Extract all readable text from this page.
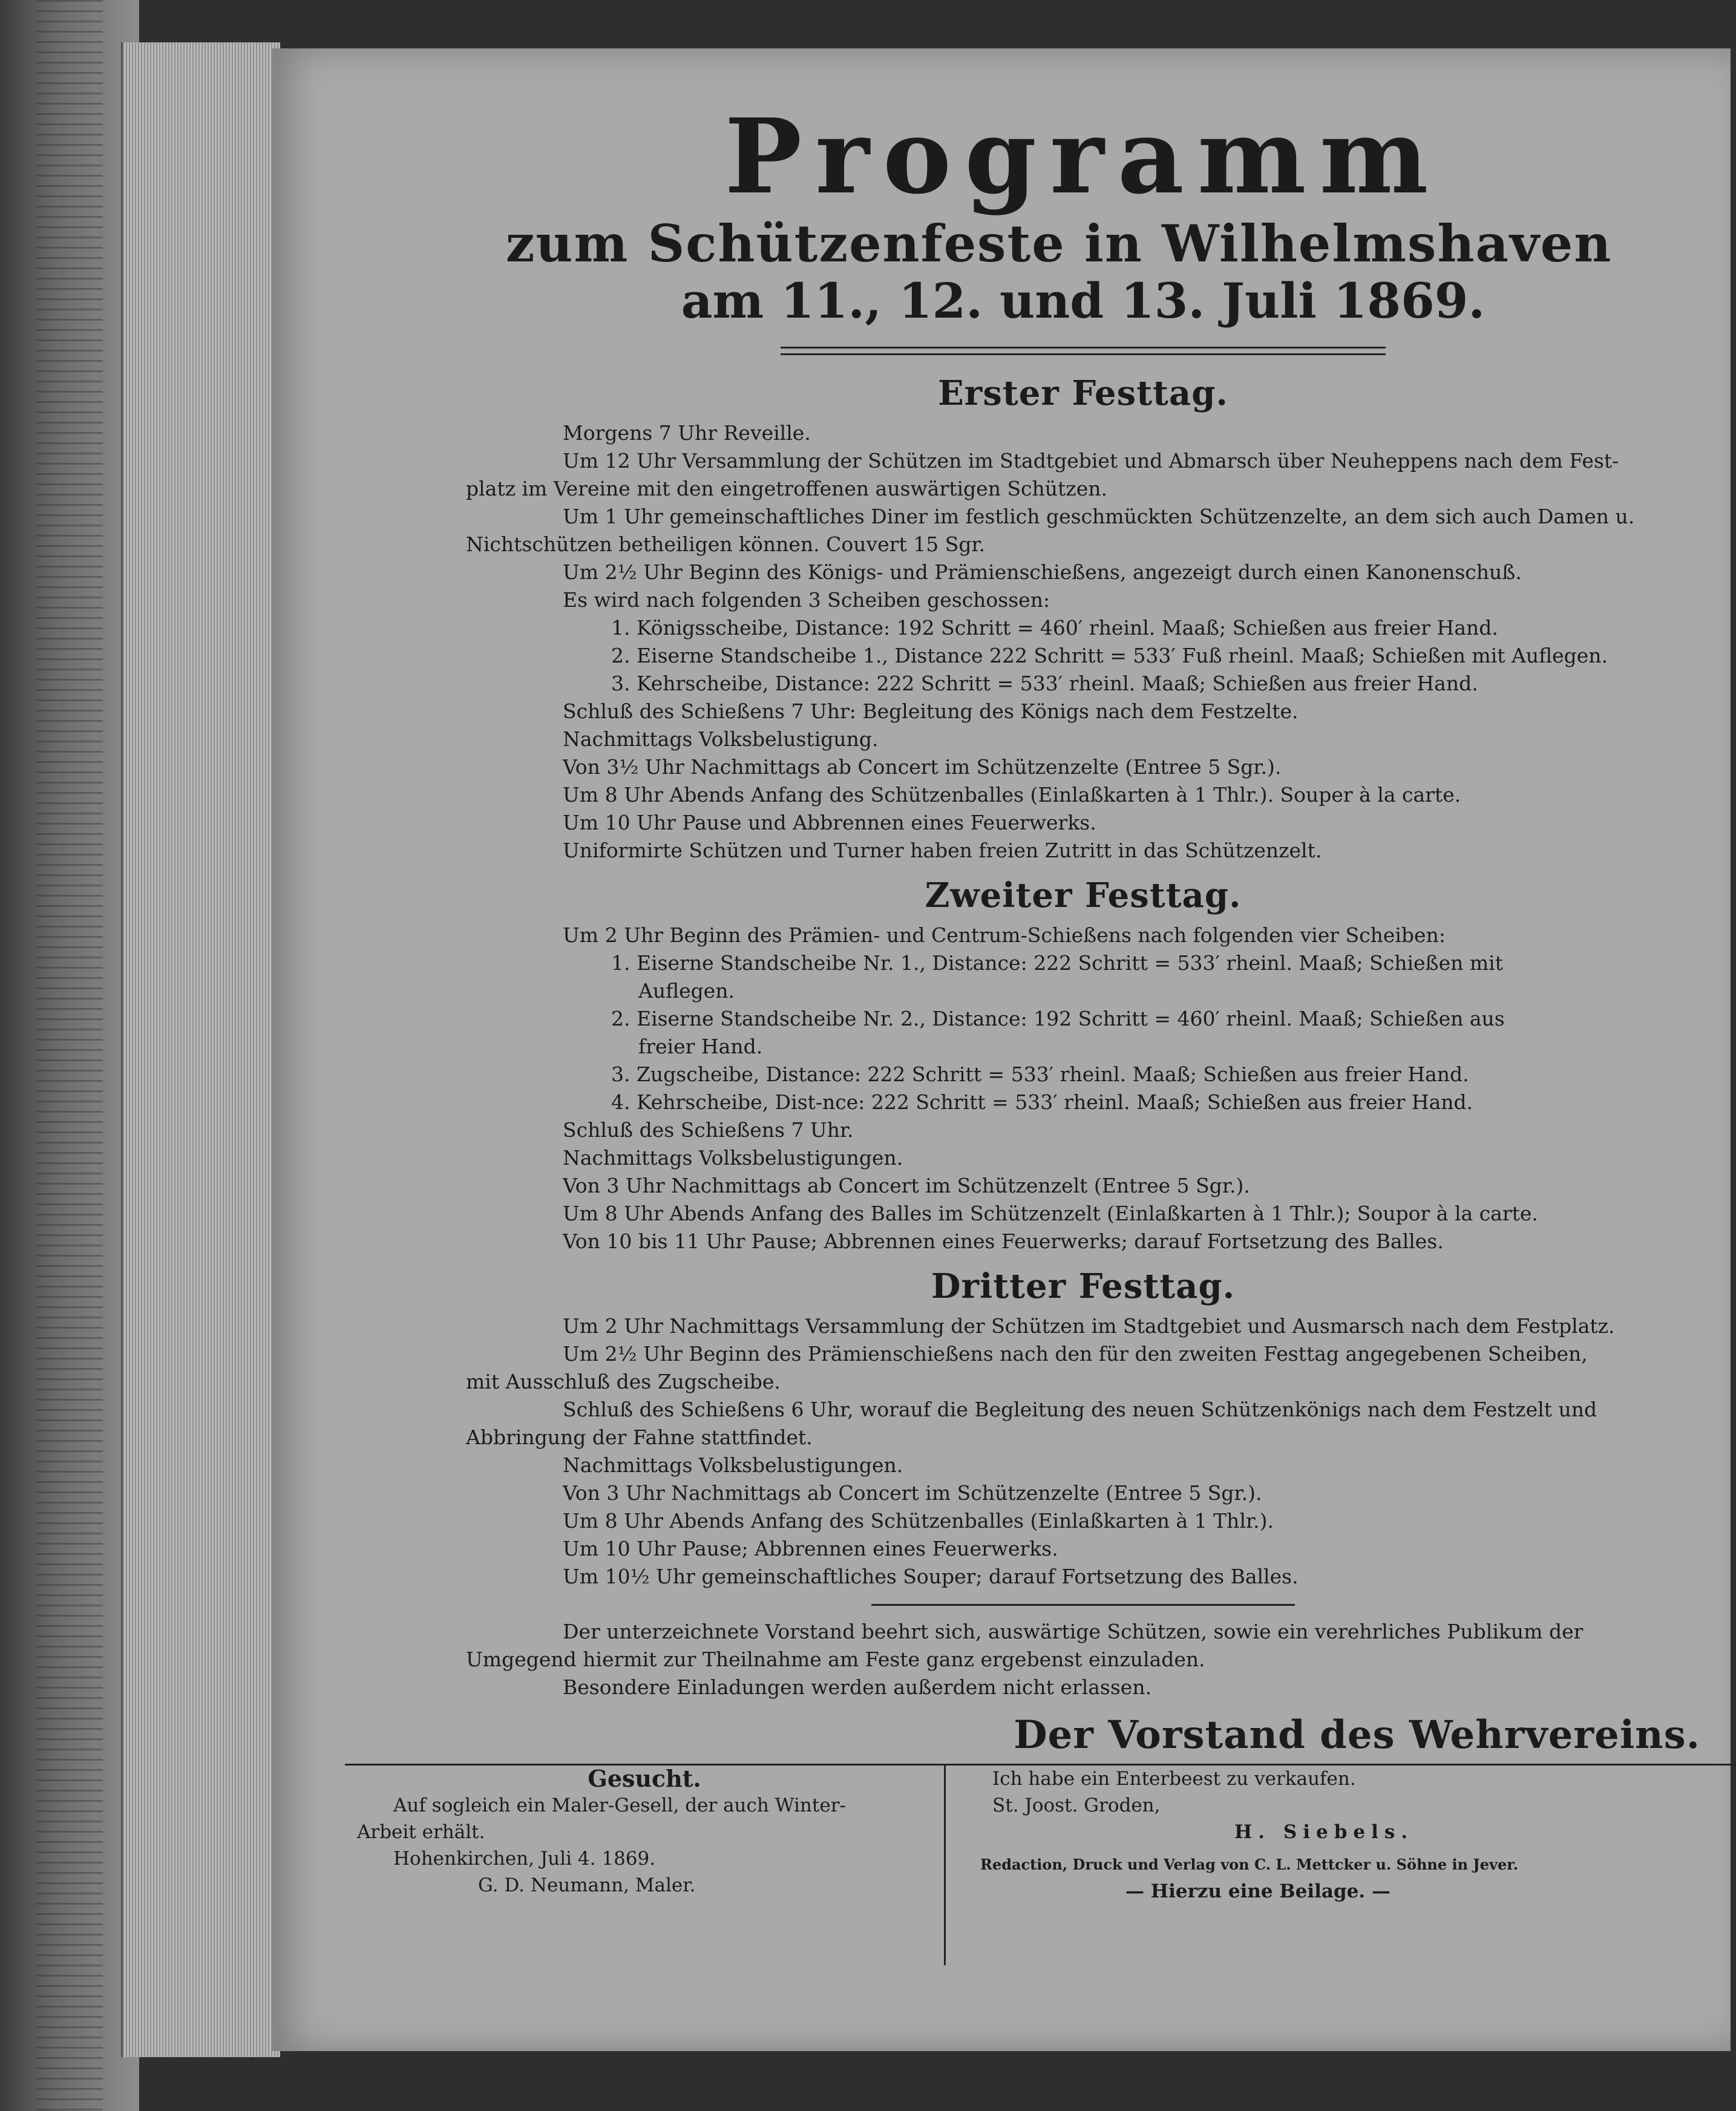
Programm
zum Schützenfeste in Wilhelmshaven
am 11., 12. und 13. Juli 1869.
Erster Festtag.
Morgens 7 Uhr Reveille.
Um 12 Uhr Versammlung der Schützen im Stadtgebiet und Abmarsch über Neuheppens nach dem Fest-
platz im Vereine mit den eingetroffenen auswärtigen Schützen.
Um 1 Uhr gemeinschaftliches Diner im festlich geschmückten Schützenzelte, an dem sich auch Damen u.
Nichtschützen betheiligen können. Couvert 15 Sgr.
Um 2½ Uhr Beginn des Königs- und Prämienschießens, angezeigt durch einen Kanonenschuß.
Es wird nach folgenden 3 Scheiben geschossen:
1. Königsscheibe, Distance: 192 Schritt = 460′ rheinl. Maaß; Schießen aus freier Hand.
2. Eiserne Standscheibe 1., Distance 222 Schritt = 533′ Fuß rheinl. Maaß; Schießen mit Auflegen.
3. Kehrscheibe, Distance: 222 Schritt = 533′ rheinl. Maaß; Schießen aus freier Hand.
Schluß des Schießens 7 Uhr: Begleitung des Königs nach dem Festzelte.
Nachmittags Volksbelustigung.
Von 3½ Uhr Nachmittags ab Concert im Schützenzelte (Entree 5 Sgr.).
Um 8 Uhr Abends Anfang des Schützenballes (Einlaßkarten à 1 Thlr.). Souper à la carte.
Um 10 Uhr Pause und Abbrennen eines Feuerwerks.
Uniformirte Schützen und Turner haben freien Zutritt in das Schützenzelt.
Zweiter Festtag.
Um 2 Uhr Beginn des Prämien- und Centrum-Schießens nach folgenden vier Scheiben:
1. Eiserne Standscheibe Nr. 1., Distance: 222 Schritt = 533′ rheinl. Maaß; Schießen mit
Auflegen.
2. Eiserne Standscheibe Nr. 2., Distance: 192 Schritt = 460′ rheinl. Maaß; Schießen aus
freier Hand.
3. Zugscheibe, Distance: 222 Schritt = 533′ rheinl. Maaß; Schießen aus freier Hand.
4. Kehrscheibe, Dist-nce: 222 Schritt = 533′ rheinl. Maaß; Schießen aus freier Hand.
Schluß des Schießens 7 Uhr.
Nachmittags Volksbelustigungen.
Von 3 Uhr Nachmittags ab Concert im Schützenzelt (Entree 5 Sgr.).
Um 8 Uhr Abends Anfang des Balles im Schützenzelt (Einlaßkarten à 1 Thlr.); Soupor à la carte.
Von 10 bis 11 Uhr Pause; Abbrennen eines Feuerwerks; darauf Fortsetzung des Balles.
Dritter Festtag.
Um 2 Uhr Nachmittags Versammlung der Schützen im Stadtgebiet und Ausmarsch nach dem Festplatz.
Um 2½ Uhr Beginn des Prämienschießens nach den für den zweiten Festtag angegebenen Scheiben,
mit Ausschluß des Zugscheibe.
Schluß des Schießens 6 Uhr, worauf die Begleitung des neuen Schützenkönigs nach dem Festzelt und
Abbringung der Fahne stattfindet.
Nachmittags Volksbelustigungen.
Von 3 Uhr Nachmittags ab Concert im Schützenzelte (Entree 5 Sgr.).
Um 8 Uhr Abends Anfang des Schützenballes (Einlaßkarten à 1 Thlr.).
Um 10 Uhr Pause; Abbrennen eines Feuerwerks.
Um 10½ Uhr gemeinschaftliches Souper; darauf Fortsetzung des Balles.
Der unterzeichnete Vorstand beehrt sich, auswärtige Schützen, sowie ein verehrliches Publikum der
Umgegend hiermit zur Theilnahme am Feste ganz ergebenst einzuladen.
Besondere Einladungen werden außerdem nicht erlassen.
Der Vorstand des Wehrvereins.
Gesucht.
Auf sogleich ein Maler-Gesell, der auch Winter-
Arbeit erhält.
Hohenkirchen, Juli 4. 1869.
G. D. Neumann, Maler.
Ich habe ein Enterbeest zu verkaufen.
St. Joost. Groden,
H. Siebels.
Redaction, Druck und Verlag von C. L. Mettcker u. Söhne in Jever.
— Hierzu eine Beilage. —
